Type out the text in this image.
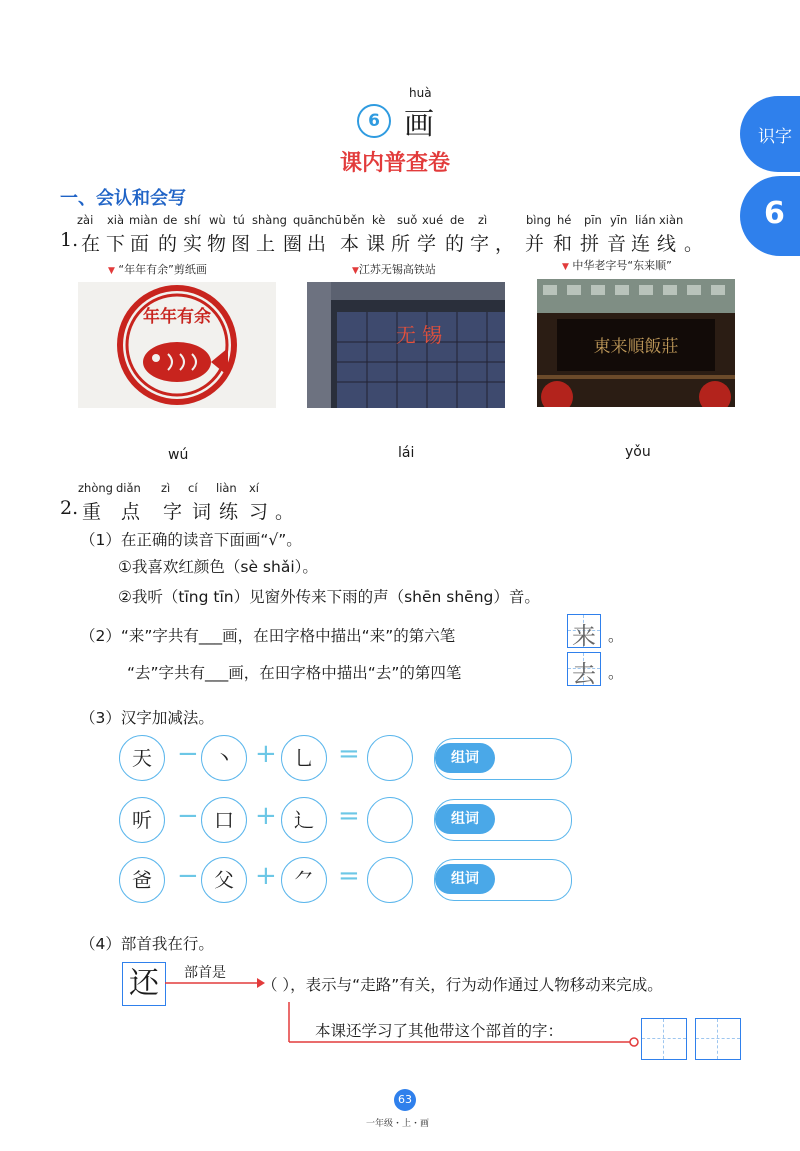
识字
6
6
huà
画
课内普查卷
一、会认和会写
1.
zài xià miàn de shí wù tú shàng quān chū běn kè suǒ xué de zì	bìng hé pīn yīn lián xiàn
在 下 面 的 实 物 图 上 圈 出 本 课 所 学 的 字 ， 并 和 拼 音 连 线 。
▼ “年年有余”剪纸画	▼江苏无锡高铁站	▼ 中华老字号“东来顺”
年年有余
无 锡	東来順飯莊
wú	lái	yǒu
2.
zhòng diǎn zì cí liàn xí
重 点 字 词 练 习 。
（1）在正确的读音下面画“√”。
①我喜欢红颜色（sè shǎi）。
②我听（tīng tīn）见窗外传来下雨的声（shēn shēng）音。
（2）“来”字共有___画，在田字格中描出“来”的第六笔	来 。
“去”字共有___画，在田字格中描出“去”的第四笔	去 。
（3）汉字加减法。
天 − 丶 + 乚 =	组词
听 − 口 + 辶 =	组词
爸 − 父 + ⺈ =	组词
（4）部首我在行。
还	部首是
（ ），表示与“走路”有关，行为动作通过人物移动来完成。
本课还学习了其他带这个部首的字：
63
一年级・上・画
